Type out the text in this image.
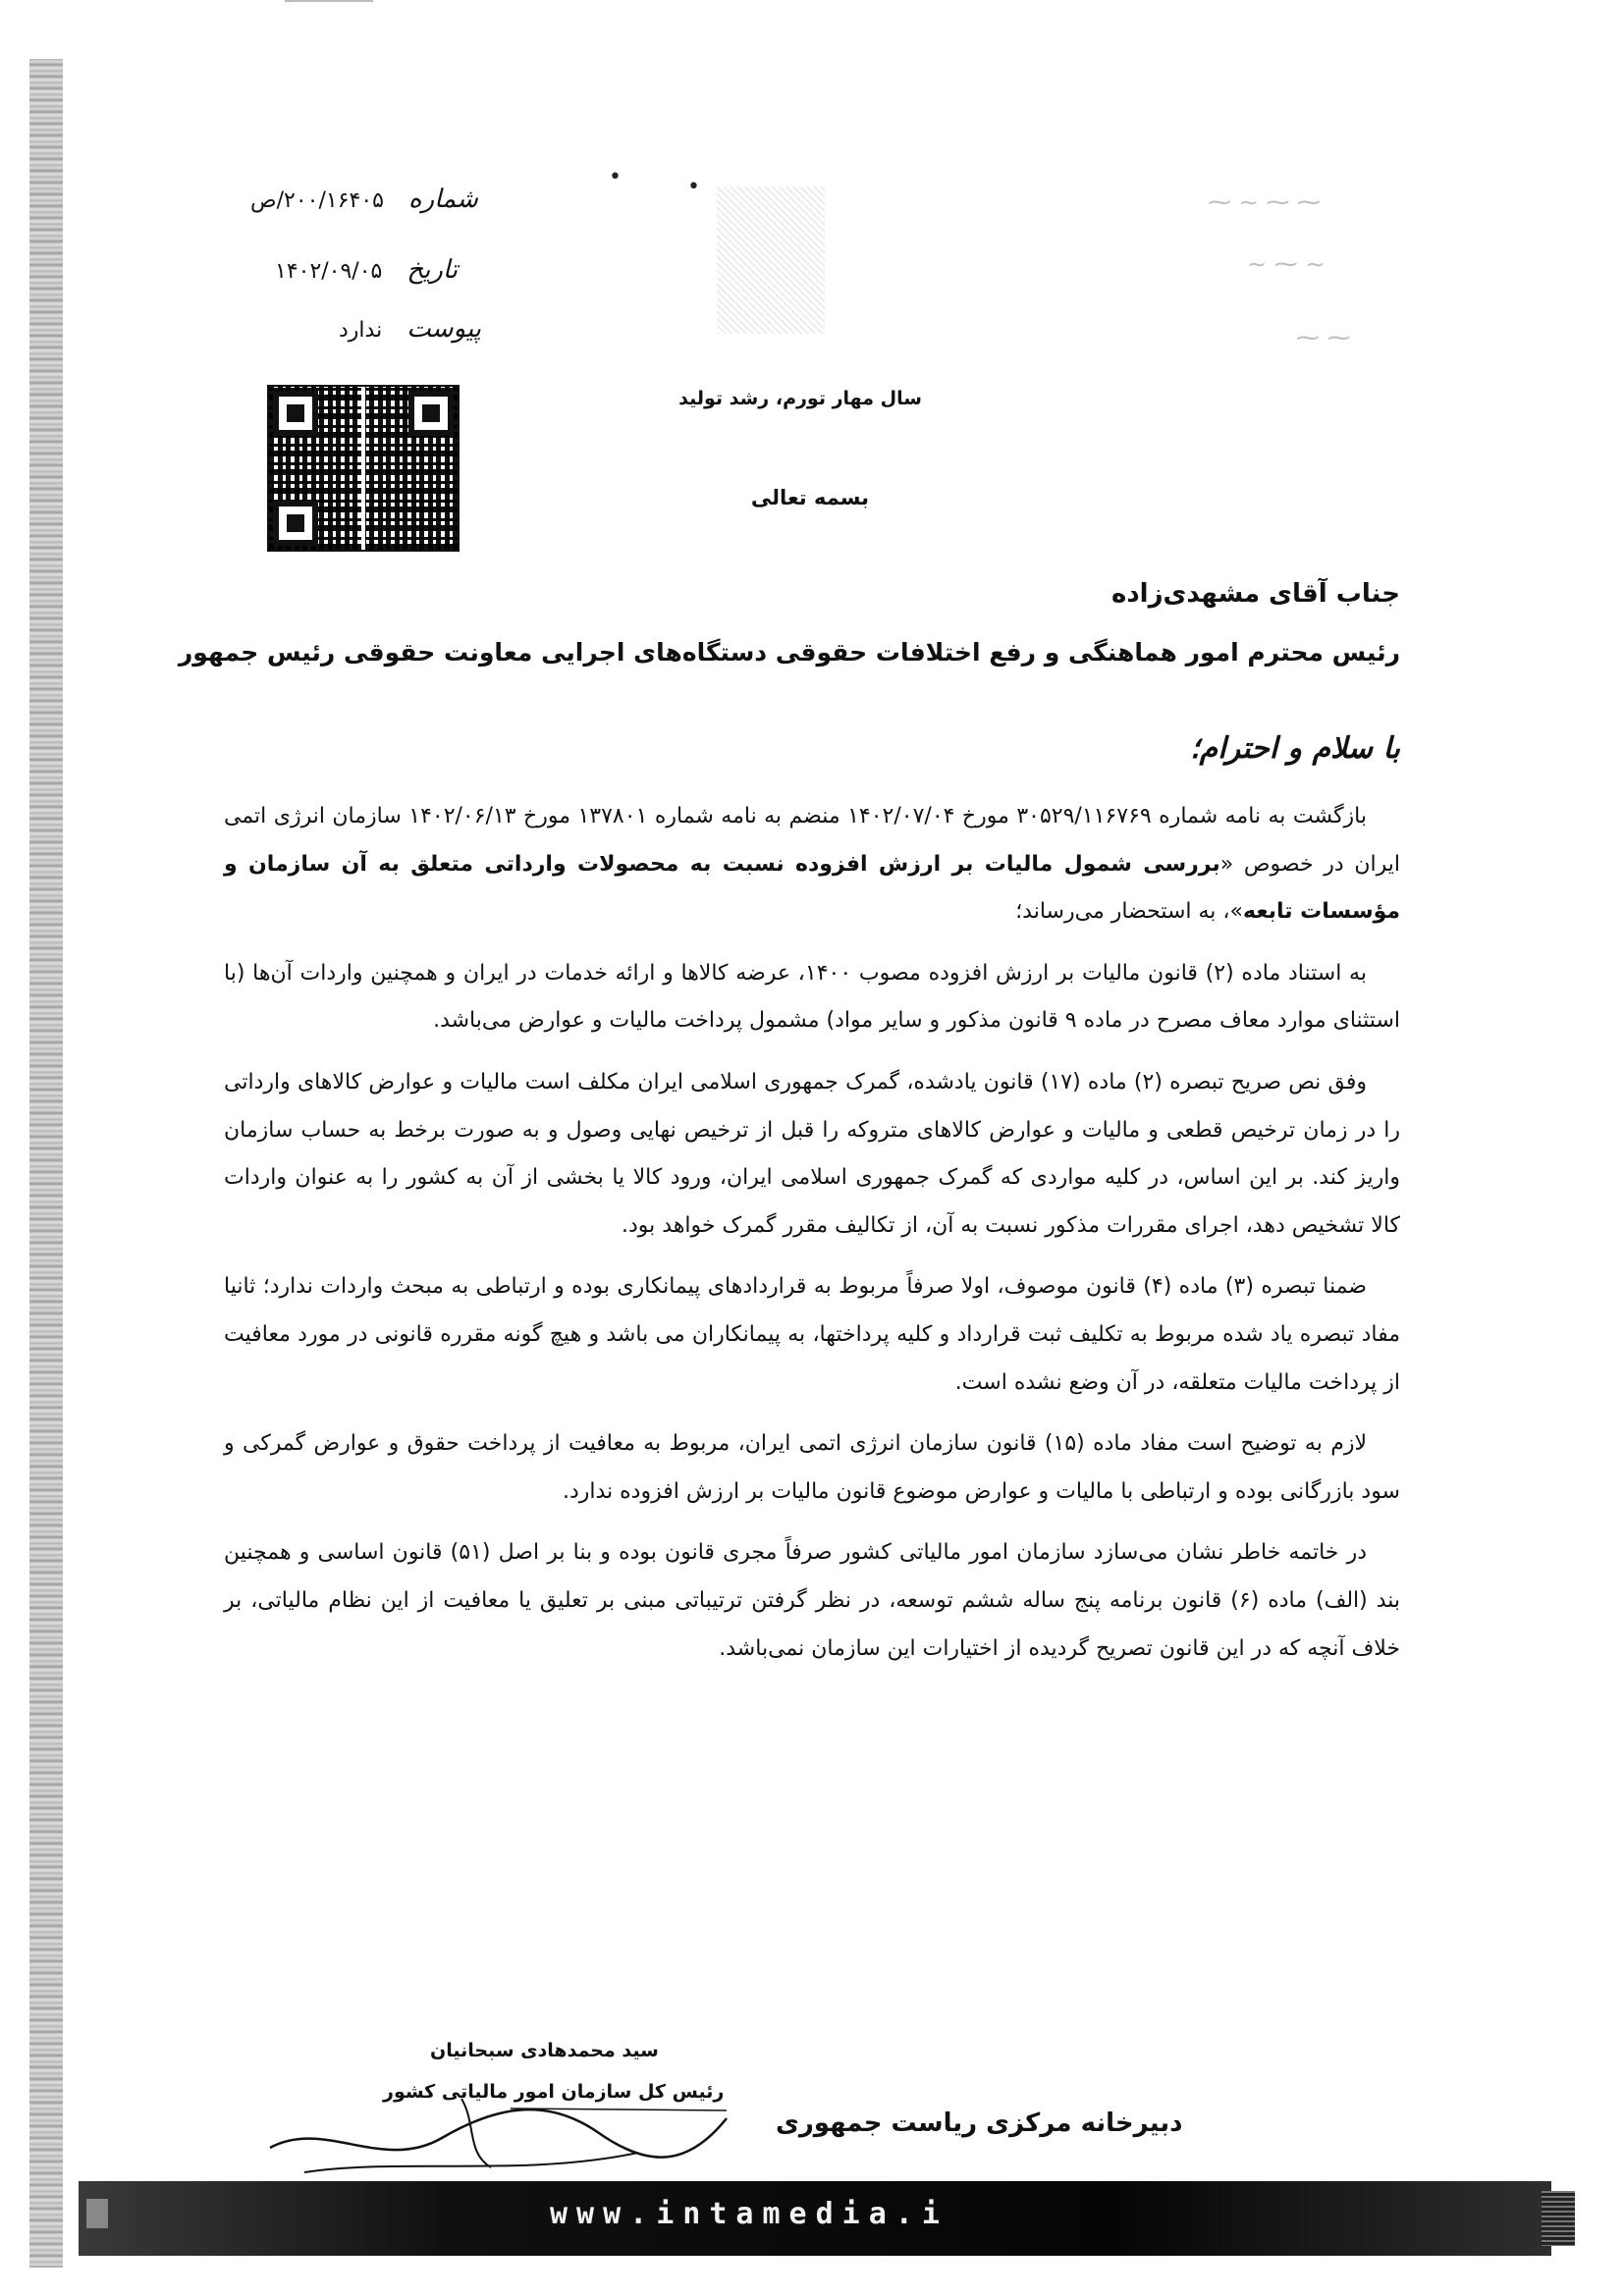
شماره ۲۰۰/۱۶۴۰۵/ص
تاریخ ۱۴۰۲/۰۹/۰۵
پیوست ندارد
•	•
⁓ ⁓ ∽ ⁓
∽ ⁓ ∽
⁓ ⁓
سال مهار تورم، رشد تولید
بسمه تعالی
جناب آقای مشهدی‌زاده
رئیس محترم امور هماهنگی و رفع اختلافات حقوقی دستگاه‌های اجرایی معاونت حقوقی رئیس جمهور
با سلام و احترام؛

بازگشت به نامه شماره ۳۰۵۲۹/۱۱۶۷۶۹ مورخ ۱۴۰۲/۰۷/۰۴ منضم به نامه شماره ۱۳۷۸۰۱ مورخ ۱۴۰۲/۰۶/۱۳ سازمان انرژی اتمی ایران در خصوص «بررسی شمول مالیات بر ارزش افزوده نسبت به محصولات وارداتی متعلق به آن سازمان و مؤسسات تابعه»، به استحضار می‌رساند؛

به استناد ماده (۲) قانون مالیات بر ارزش افزوده مصوب ۱۴۰۰، عرضه کالاها و ارائه خدمات در ایران و همچنین واردات آن‌ها (با استثنای موارد معاف مصرح در ماده ۹ قانون مذکور و سایر مواد) مشمول پرداخت مالیات و عوارض می‌باشد.

وفق نص صریح تبصره (۲) ماده (۱۷) قانون یادشده، گمرک جمهوری اسلامی ایران مکلف است مالیات و عوارض کالاهای وارداتی را در زمان ترخیص قطعی و مالیات و عوارض کالاهای متروکه را قبل از ترخیص نهایی وصول و به صورت برخط به حساب سازمان واریز کند. بر این اساس، در کلیه مواردی که گمرک جمهوری اسلامی ایران، ورود کالا یا بخشی از آن به کشور را به عنوان واردات کالا تشخیص دهد، اجرای مقررات مذکور نسبت به آن، از تکالیف مقرر گمرک خواهد بود.

ضمنا تبصره (۳) ماده (۴) قانون موصوف، اولا صرفاً مربوط به قراردادهای پیمانکاری بوده و ارتباطی به مبحث واردات ندارد؛ ثانیا مفاد تبصره یاد شده مربوط به تکلیف ثبت قرارداد و کلیه پرداختها، به پیمانکاران می باشد و هیچ گونه مقرره قانونی در مورد معافیت از پرداخت مالیات متعلقه، در آن وضع نشده است.

لازم به توضیح است مفاد ماده (۱۵) قانون سازمان انرژی اتمی ایران، مربوط به معافیت از پرداخت حقوق و عوارض گمرکی و سود بازرگانی بوده و ارتباطی با مالیات و عوارض موضوع قانون مالیات بر ارزش افزوده ندارد.

در خاتمه خاطر نشان می‌سازد سازمان امور مالیاتی کشور صرفاً مجری قانون بوده و بنا بر اصل (۵۱) قانون اساسی و همچنین بند (الف) ماده (۶) قانون برنامه پنج ساله ششم توسعه، در نظر گرفتن ترتیباتی مبنی بر تعلیق یا معافیت از این نظام مالیاتی، بر خلاف آنچه که در این قانون تصریح گردیده از اختیارات این سازمان نمی‌باشد.

سید محمدهادی سبحانیان
رئیس کل سازمان امور مالیاتی کشور
دبیرخانه مرکزی ریاست جمهوری
www.intamedia.i
